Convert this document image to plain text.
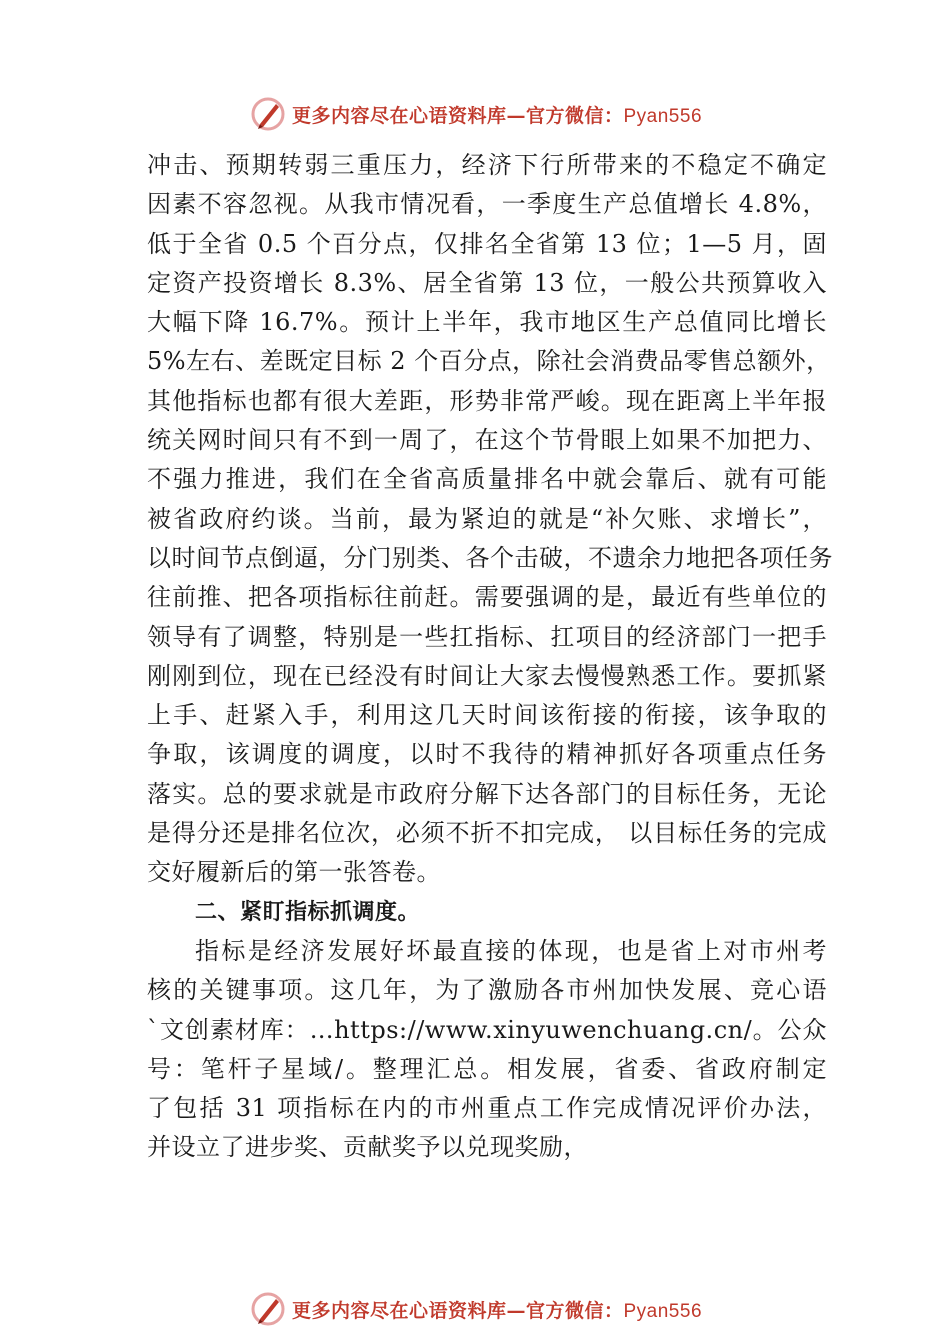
更多内容尽在心语资料库—官方微信：Pyan556
冲击、预期转弱三重压力，经济下行所带来的不稳定不确定
因素不容忽视。从我市情况看，一季度生产总值增长 4.8%，
低于全省 0.5 个百分点，仅排名全省第 13 位；1—5 月，固
定资产投资增长 8.3%、居全省第 13 位，一般公共预算收入
大幅下降 16.7%。预计上半年，我市地区生产总值同比增长
5%左右、差既定目标 2 个百分点，除社会消费品零售总额外，
其他指标也都有很大差距，形势非常严峻。现在距离上半年报
统关网时间只有不到一周了，在这个节骨眼上如果不加把力、
不强力推进，我们在全省高质量排名中就会靠后、就有可能
被省政府约谈。当前，最为紧迫的就是“补欠账、求增长”，
以时间节点倒逼，分门别类、各个击破，不遗余力地把各项任务
往前推、把各项指标往前赶。需要强调的是，最近有些单位的
领导有了调整，特别是一些扛指标、扛项目的经济部门一把手
刚刚到位，现在已经没有时间让大家去慢慢熟悉工作。要抓紧
上手、赶紧入手，利用这几天时间该衔接的衔接，该争取的
争取，该调度的调度，以时不我待的精神抓好各项重点任务
落实。总的要求就是市政府分解下达各部门的目标任务，无论
是得分还是排名位次，必须不折不扣完成， 以目标任务的完成
交好履新后的第一张答卷。
二、紧盯指标抓调度。
指标是经济发展好坏最直接的体现，也是省上对市州考
核的关键事项。这几年，为了激励各市州加快发展、竞心语
`文创素材库：…https://www.xinyuwenchuang.cn/。公众
号：笔杆子星域/。整理汇总。相发展，省委、省政府制定
了包括 31 项指标在内的市州重点工作完成情况评价办法，
并设立了进步奖、贡献奖予以兑现奖励，
更多内容尽在心语资料库—官方微信：Pyan556
